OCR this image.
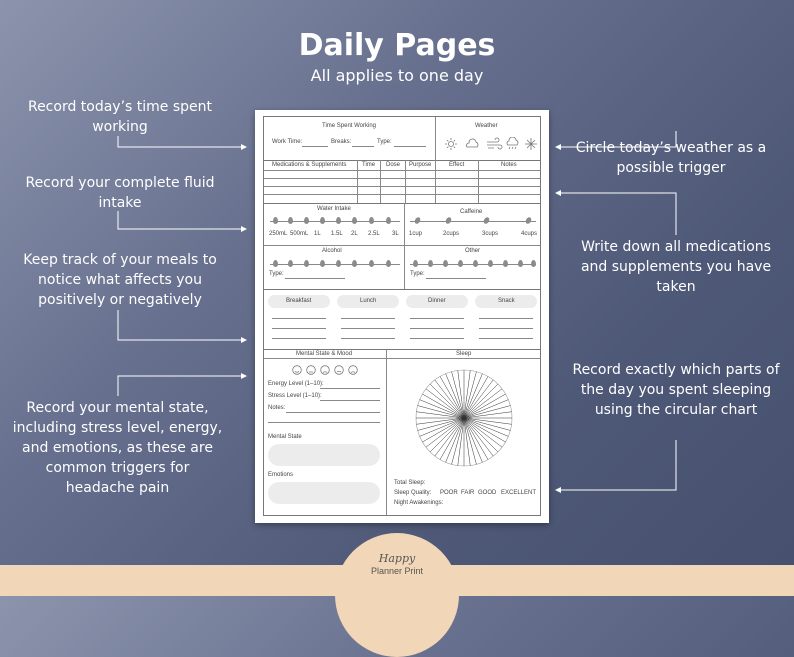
Daily Pages
All applies to one day
Record today’s time spent working
Record your complete fluid intake
Keep track of your meals to notice what affects you positively or negatively
Record your mental state, including stress level, energy, and emotions, as these are common triggers for headache pain
Circle today’s weather as a possible trigger
Write down all medications and supplements you have taken
Record exactly which parts of the day you spent sleeping using the circular chart
Time Spent Working
Work Time:	Breaks:	Type:
Weather
Medications & Supplements	Time Dose Purpose	Effect	Notes
Water Intake
250mL 500mL 1L 1.5L 2L 2.5L 3L
Caffeine
1cup	2cups	3cups	4cups
Alcohol
Type:
Other
Type:
Breakfast	Lunch	Dinner	Snack
Mental State & Mood
Energy Level (1–10):
Stress Level (1–10):
Notes:
Mental State
Emotions
Sleep
Total Sleep:
Sleep Quality: POOR FAIR GOOD EXCELLENT
Night Awakenings:
Happy
Planner Print
